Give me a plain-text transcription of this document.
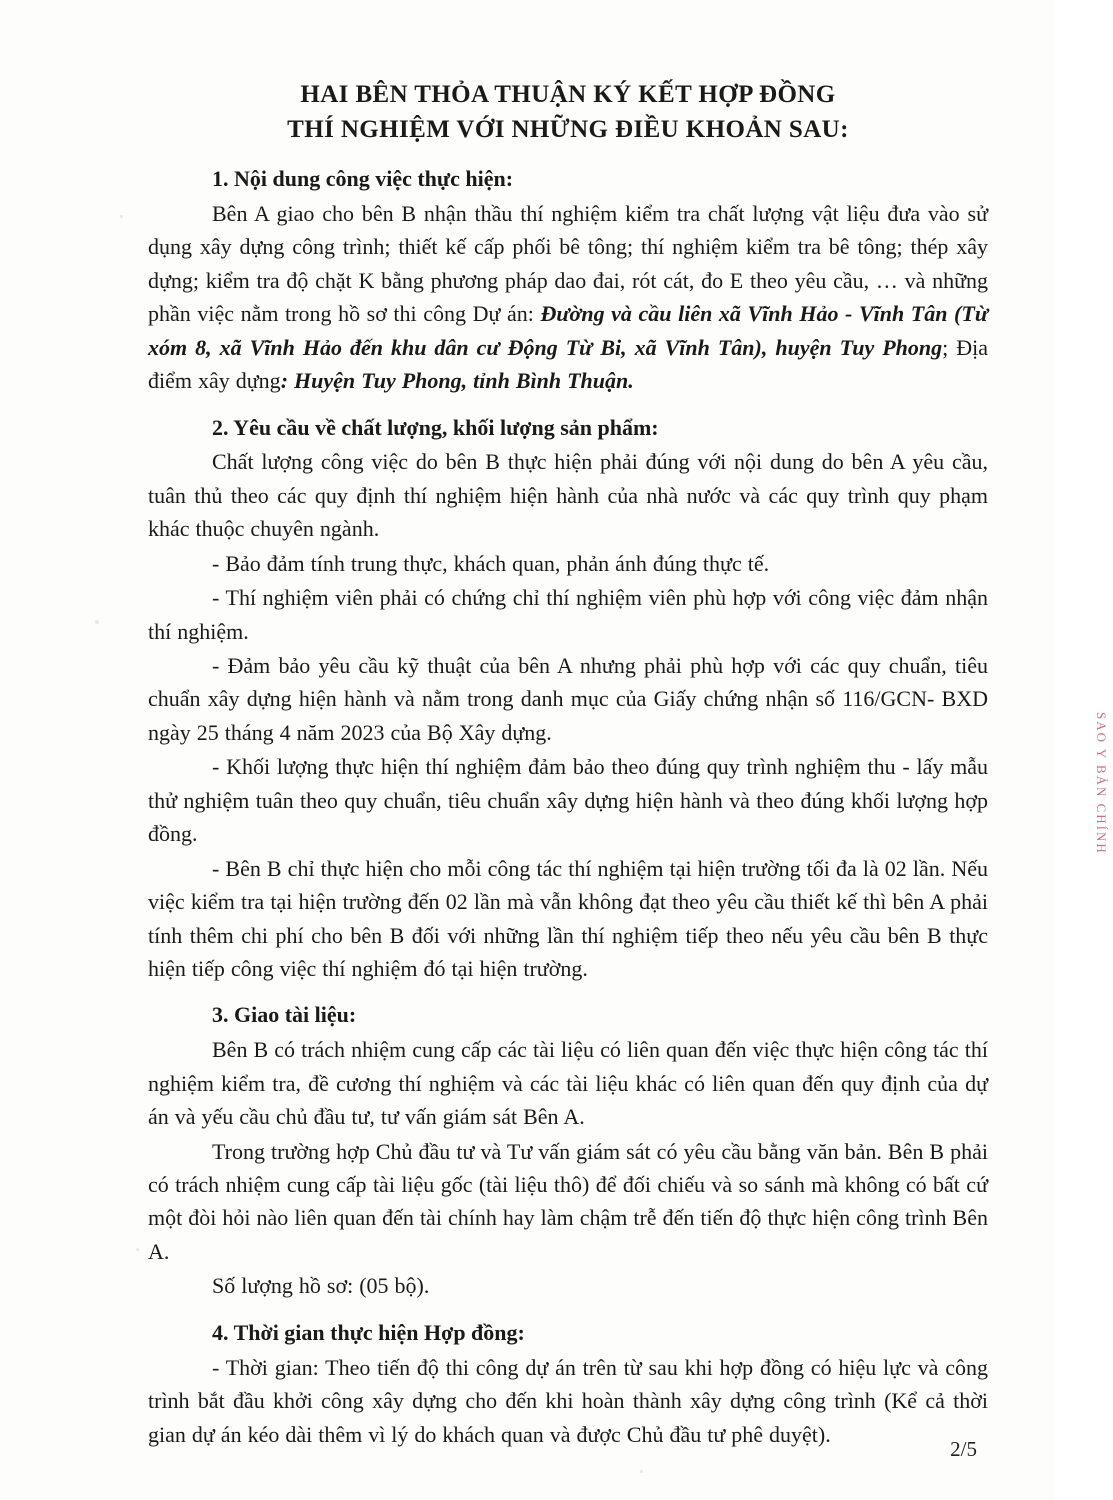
HAI BÊN THỎA THUẬN KÝ KẾT HỢP ĐỒNG
THÍ NGHIỆM VỚI NHỮNG ĐIỀU KHOẢN SAU:
1. Nội dung công việc thực hiện:

Bên A giao cho bên B nhận thầu thí nghiệm kiểm tra chất lượng vật liệu đưa vào sử dụng xây dựng công trình; thiết kế cấp phối bê tông; thí nghiệm kiểm tra bê tông; thép xây dựng; kiểm tra độ chặt K bằng phương pháp dao đai, rót cát, đo E theo yêu cầu, … và những phần việc nằm trong hồ sơ thi công Dự án: Đường và cầu liên xã Vĩnh Hảo - Vĩnh Tân (Từ xóm 8, xã Vĩnh Hảo đến khu dân cư Động Từ Bi, xã Vĩnh Tân), huyện Tuy Phong; Địa điểm xây dựng: Huyện Tuy Phong, tỉnh Bình Thuận.

2. Yêu cầu về chất lượng, khối lượng sản phẩm:

Chất lượng công việc do bên B thực hiện phải đúng với nội dung do bên A yêu cầu, tuân thủ theo các quy định thí nghiệm hiện hành của nhà nước và các quy trình quy phạm khác thuộc chuyên ngành.

- Bảo đảm tính trung thực, khách quan, phản ánh đúng thực tế.

- Thí nghiệm viên phải có chứng chỉ thí nghiệm viên phù hợp với công việc đảm nhận thí nghiệm.

- Đảm bảo yêu cầu kỹ thuật của bên A nhưng phải phù hợp với các quy chuẩn, tiêu chuẩn xây dựng hiện hành và nằm trong danh mục của Giấy chứng nhận số 116/GCN- BXD ngày 25 tháng 4 năm 2023 của Bộ Xây dựng.

- Khối lượng thực hiện thí nghiệm đảm bảo theo đúng quy trình nghiệm thu - lấy mẫu thử nghiệm tuân theo quy chuẩn, tiêu chuẩn xây dựng hiện hành và theo đúng khối lượng hợp đồng.

- Bên B chỉ thực hiện cho mỗi công tác thí nghiệm tại hiện trường tối đa là 02 lần. Nếu việc kiểm tra tại hiện trường đến 02 lần mà vẫn không đạt theo yêu cầu thiết kế thì bên A phải tính thêm chi phí cho bên B đối với những lần thí nghiệm tiếp theo nếu yêu cầu bên B thực hiện tiếp công việc thí nghiệm đó tại hiện trường.

3. Giao tài liệu:

Bên B có trách nhiệm cung cấp các tài liệu có liên quan đến việc thực hiện công tác thí nghiệm kiểm tra, đề cương thí nghiệm và các tài liệu khác có liên quan đến quy định của dự án và yếu cầu chủ đầu tư, tư vấn giám sát Bên A.

Trong trường hợp Chủ đầu tư và Tư vấn giám sát có yêu cầu bằng văn bản. Bên B phải có trách nhiệm cung cấp tài liệu gốc (tài liệu thô) để đối chiếu và so sánh mà không có bất cứ một đòi hỏi nào liên quan đến tài chính hay làm chậm trễ đến tiến độ thực hiện công trình Bên A.

Số lượng hồ sơ: (05 bộ).

4. Thời gian thực hiện Hợp đồng:

- Thời gian: Theo tiến độ thi công dự án trên từ sau khi hợp đồng có hiệu lực và công trình bắt đầu khởi công xây dựng cho đến khi hoàn thành xây dựng công trình (Kể cả thời gian dự án kéo dài thêm vì lý do khách quan và được Chủ đầu tư phê duyệt).

SAO Y BẢN CHÍNH
2/5
